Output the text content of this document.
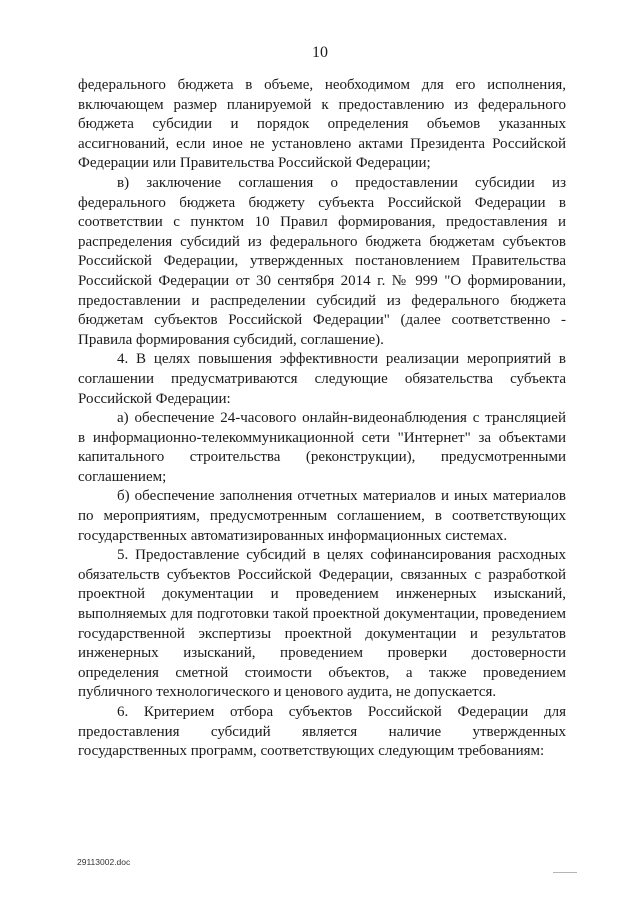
10

федерального бюджета в объеме, необходимом для его исполнения, включающем размер планируемой к предоставлению из федерального бюджета субсидии и порядок определения объемов указанных ассигнований, если иное не установлено актами Президента Российской Федерации или Правительства Российской Федерации;

в) заключение соглашения о предоставлении субсидии из федерального бюджета бюджету субъекта Российской Федерации в соответствии с пунктом 10 Правил формирования, предоставления и распределения субсидий из федерального бюджета бюджетам субъектов Российской Федерации, утвержденных постановлением Правительства Российской Федерации от 30 сентября 2014 г. № 999 "О формировании, предоставлении и распределении субсидий из федерального бюджета бюджетам субъектов Российской Федерации" (далее соответственно - Правила формирования субсидий, соглашение).

4. В целях повышения эффективности реализации мероприятий в соглашении предусматриваются следующие обязательства субъекта Российской Федерации:

а) обеспечение 24-часового онлайн-видеонаблюдения с трансляцией в информационно-телекоммуникационной сети "Интернет" за объектами капитального строительства (реконструкции), предусмотренными соглашением;

б) обеспечение заполнения отчетных материалов и иных материалов по мероприятиям, предусмотренным соглашением, в соответствующих государственных автоматизированных информационных системах.

5. Предоставление субсидий в целях софинансирования расходных обязательств субъектов Российской Федерации, связанных с разработкой проектной документации и проведением инженерных изысканий, выполняемых для подготовки такой проектной документации, проведением государственной экспертизы проектной документации и результатов инженерных изысканий, проведением проверки достоверности определения сметной стоимости объектов, а также проведением публичного технологического и ценового аудита, не допускается.

6. Критерием отбора субъектов Российской Федерации для предоставления субсидий является наличие утвержденных государственных программ, соответствующих следующим требованиям:

29113002.doc
